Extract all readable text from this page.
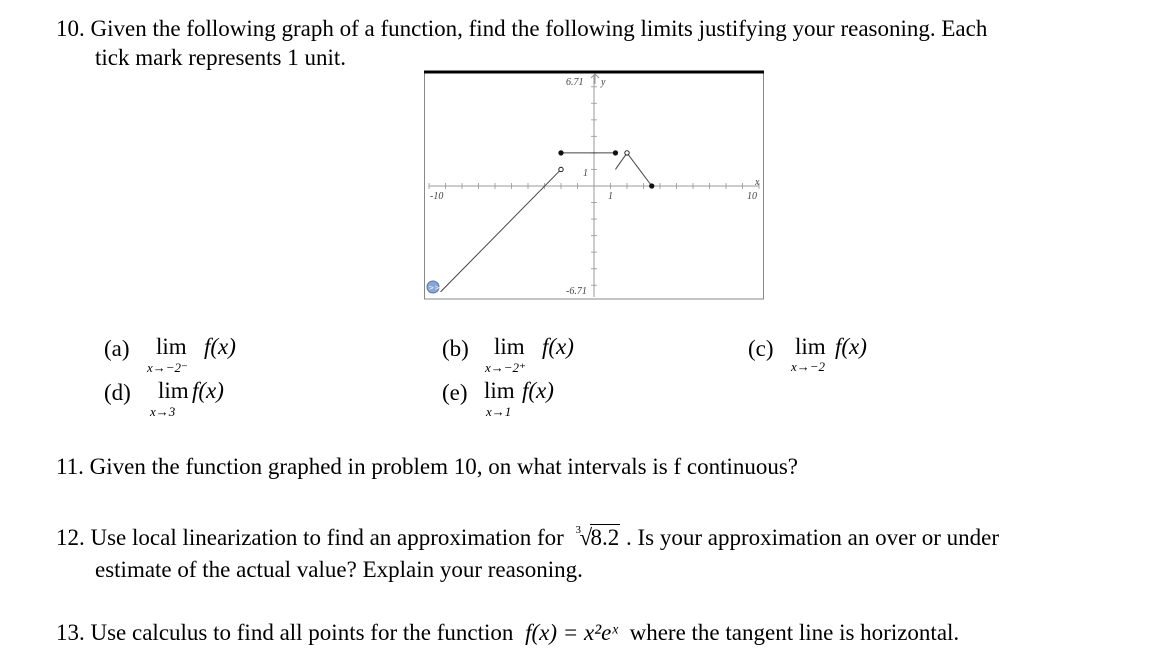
10. Given the following graph of a function, find the following limits justifying your reasoning. Each
tick mark represents 1 unit.
6.71
-6.71
-10	10
x
y
1
1
>>
(a) lim f(x)
x→−2⁻
(b) lim f(x)
x→−2⁺
(c) lim f(x)
x→−2
(d) lim f(x)
x→3
(e) lim f(x)
x→1
11. Given the function graphed in problem 10, on what intervals is f continuous?
12. Use local linearization to find an approximation for 3
√
8.2 . Is your approximation an over or under
estimate of the actual value? Explain your reasoning.
13. Use calculus to find all points for the function f(x) = x²eˣ where the tangent line is horizontal.
